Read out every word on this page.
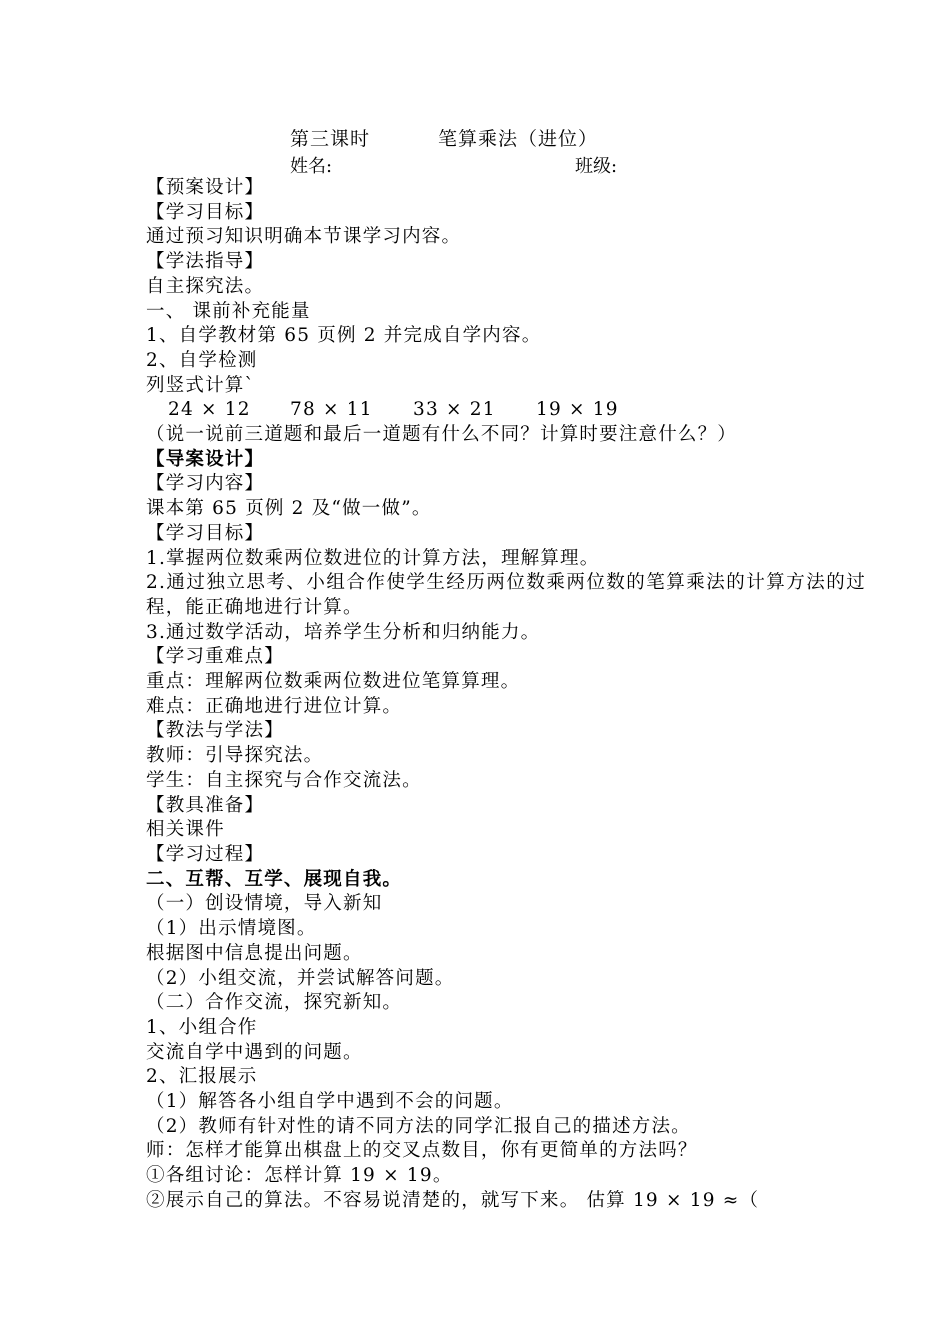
第三课时	笔算乘法（进位）
姓名:	班级:

【预案设计】

【学习目标】

通过预习知识明确本节课学习内容。

【学法指导】

自主探究法。

一、 课前补充能量

1、自学教材第 65 页例 2 并完成自学内容。

2、自学检测

列竖式计算`

24 × 12 78 × 11 33 × 21 19 × 19

（说一说前三道题和最后一道题有什么不同？计算时要注意什么？）

【导案设计】

【学习内容】

课本第 65 页例 2 及“做一做”。

【学习目标】

1.掌握两位数乘两位数进位的计算方法，理解算理。

2.通过独立思考、小组合作使学生经历两位数乘两位数的笔算乘法的计算方法的过程，能正确地进行计算。

3.通过数学活动，培养学生分析和归纳能力。

【学习重难点】

重点：理解两位数乘两位数进位笔算算理。

难点：正确地进行进位计算。

【教法与学法】

教师：引导探究法。

学生：自主探究与合作交流法。

【教具准备】

相关课件

【学习过程】

二、互帮、互学、展现自我。

（一）创设情境，导入新知

（1）出示情境图。

根据图中信息提出问题。

（2）小组交流，并尝试解答问题。

（二）合作交流，探究新知。

1、小组合作

交流自学中遇到的问题。

2、汇报展示

（1）解答各小组自学中遇到不会的问题。

（2）教师有针对性的请不同方法的同学汇报自己的描述方法。

师：怎样才能算出棋盘上的交叉点数目，你有更简单的方法吗？

①各组讨论：怎样计算 19 × 19。

②展示自己的算法。不容易说清楚的，就写下来。 估算 19 × 19 ≈（
